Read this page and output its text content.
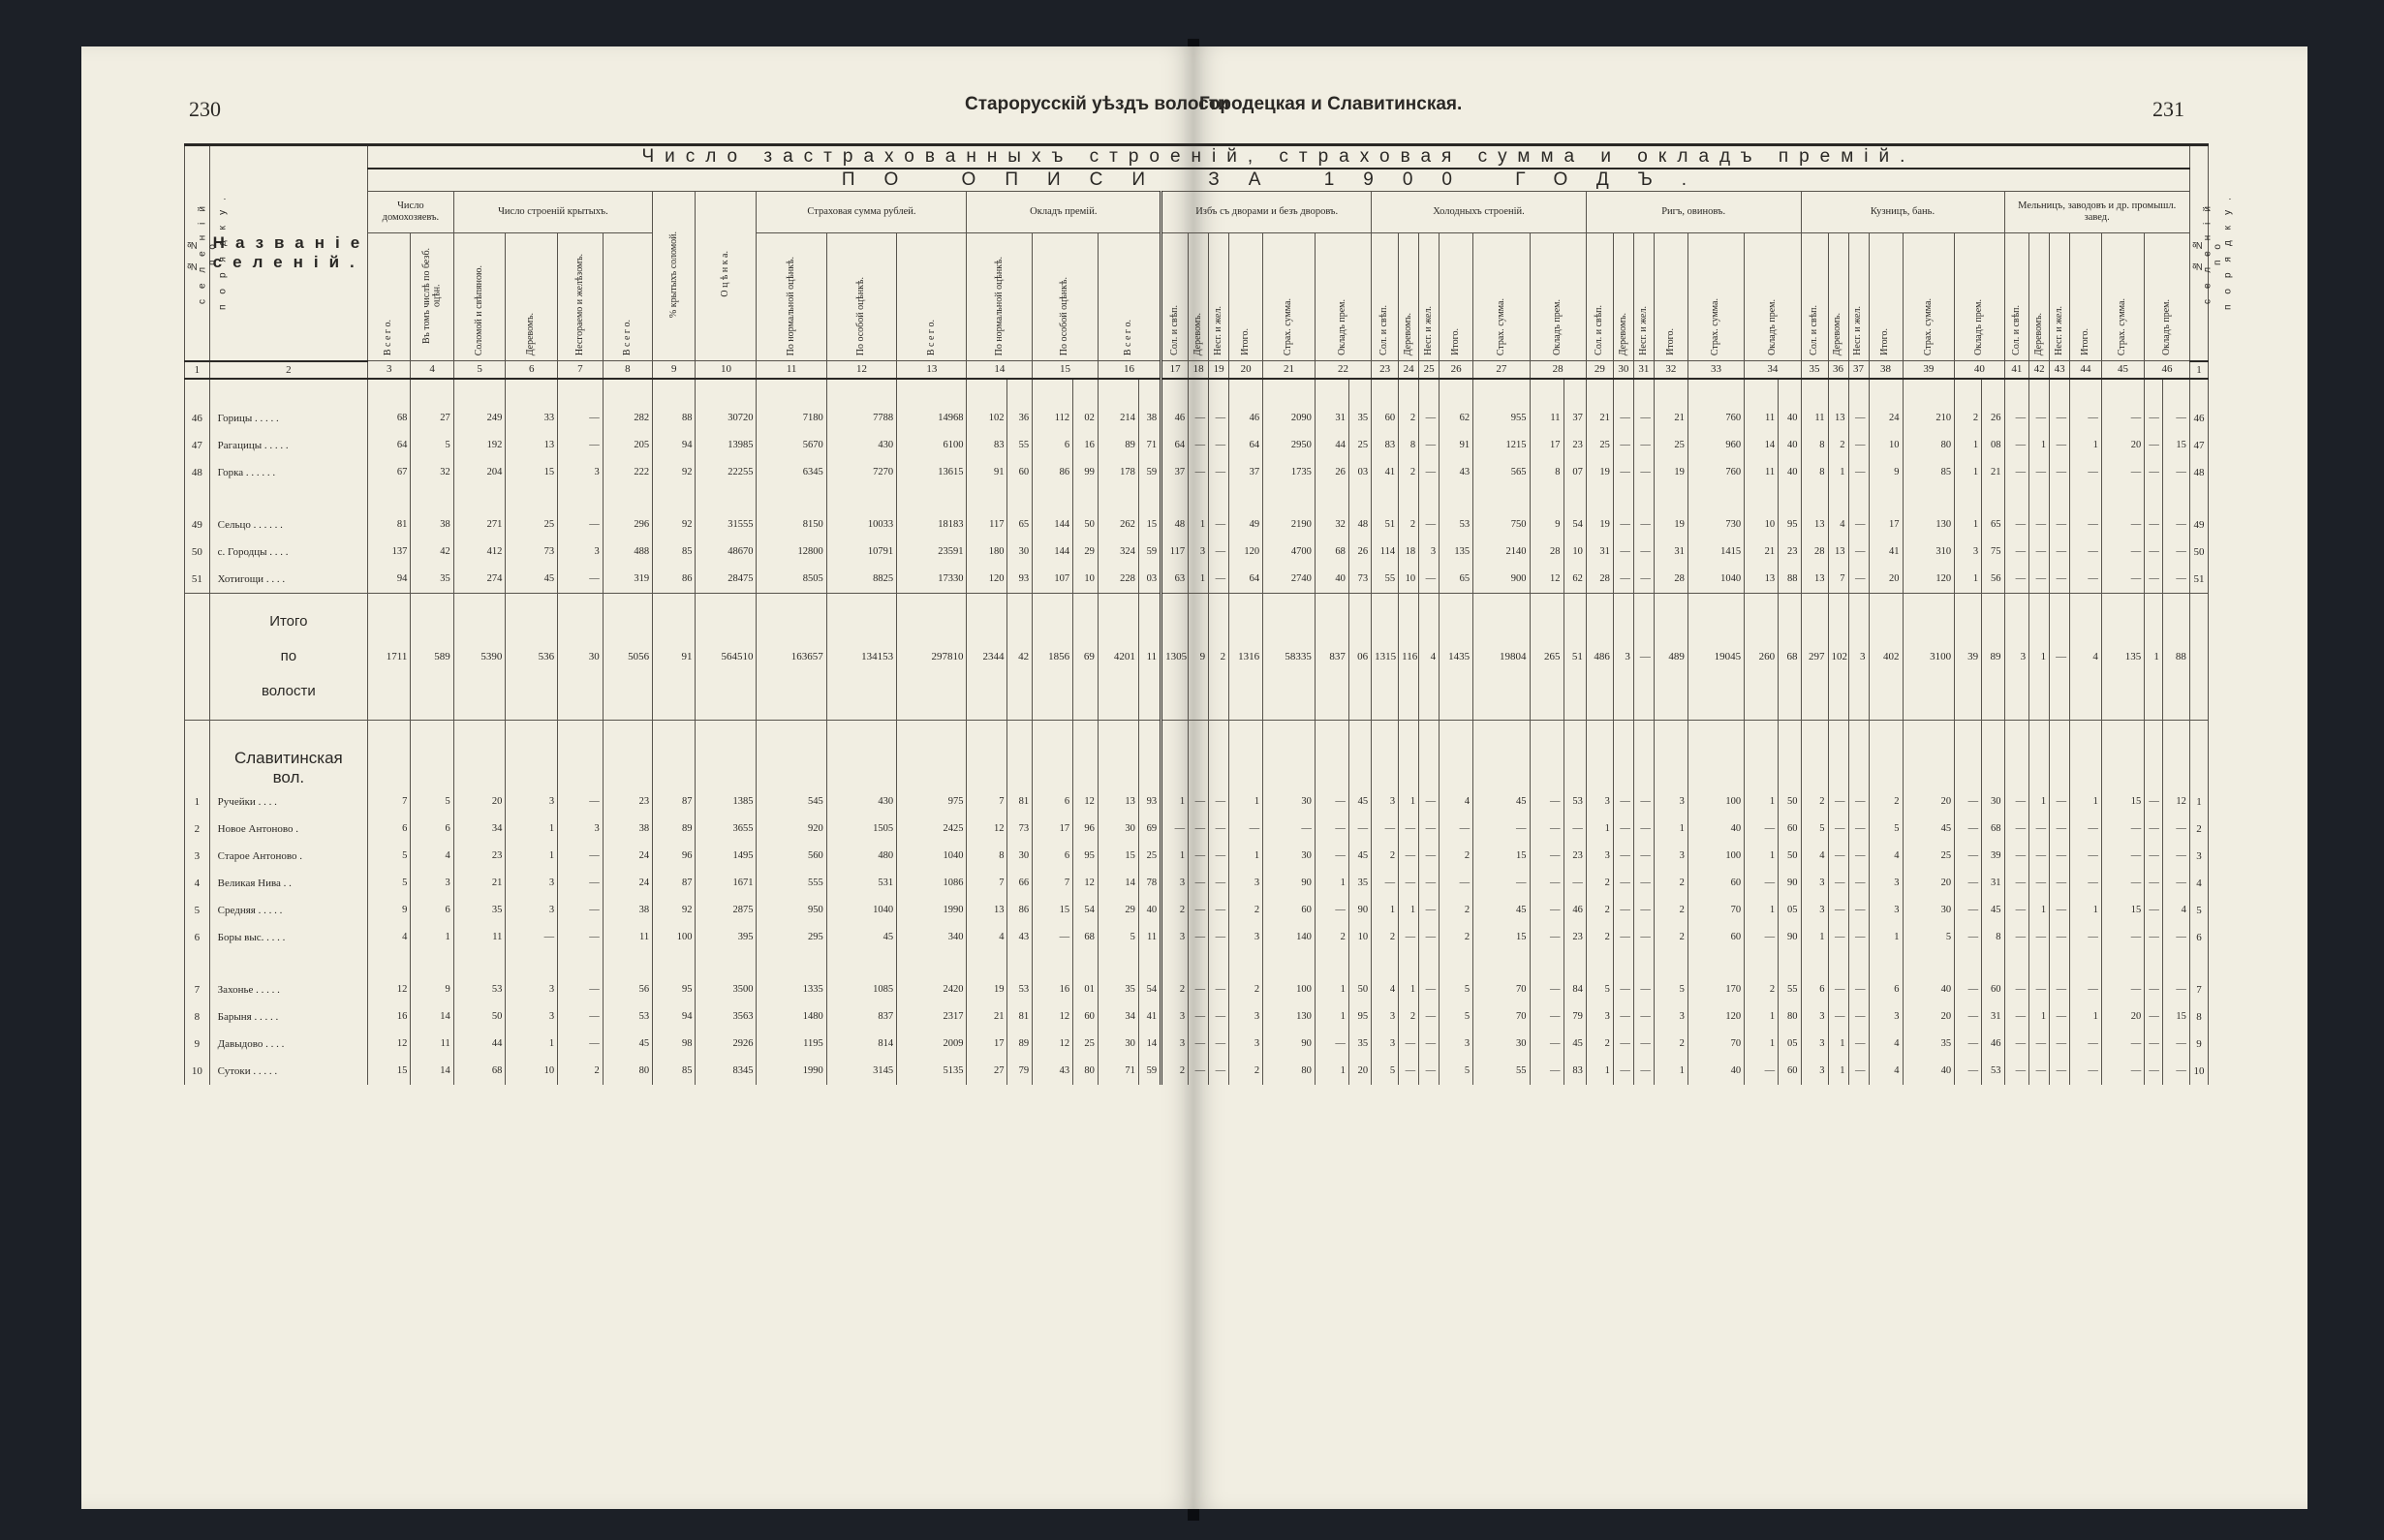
230	231
Старорусскій уѣздъ волости
Городецкая и Славитинская.
№№ селеній по порядку.	Названіе селеній.	Число застрахованныхъ строеній, страховая сумма и окладъ премій.																																																				№№ селеній по порядку.
		ПО ОПИСИ ЗА 1900 ГОДЪ.																																																				
		Число домохозяевъ.		Число строеній крытыхъ.				% крытыхъ соломой.	О ц ѣ н к а.	Страховая сумма рублей.			Окладъ премій.						Избъ съ дворами и безъ дворовъ.							Холодныхъ строеній.							Ригъ, овиновъ.							Кузницъ, бань.							Мельницъ, заводовъ и др. промышл. завед.							
		В с е г о.	Въ томъ числѣ по безб. оцѣн.	Соломой и свѣпяною.	Деревомъ.	Несгораемо и желѣзомъ.	В с е г о.			По нормальной оцѣнкѣ.	По особой оцѣнкѣ.	В с е г о.	По нормальной оцѣнкѣ.		По особой оцѣнкѣ.		В с е г о.		Сол. и свѣп.	Деревомъ.	Несг. и жел.	Итого.	Страх. сумма.	Окладъ прем.		Сол. и свѣп.	Деревомъ.	Несг. и жел.	Итого.	Страх. сумма.	Окладъ прем.		Сол. и свѣп.	Деревомъ.	Несг. и жел.	Итого.	Страх. сумма.	Окладъ прем.		Сол. и свѣп.	Деревомъ.	Несг. и жел.	Итого.	Страх. сумма.	Окладъ прем.		Сол. и свѣп.	Деревомъ.	Несг. и жел.	Итого.	Страх. сумма.	Окладъ прем.		
1	2	3	4	5	6	7	8	9	10	11	12	13	14		15		16		17	18	19	20	21	22		23	24	25	26	27	28		29	30	31	32	33	34		35	36	37	38	39	40		41	42	43	44	45	46		1

46	Горицы . . . . .	68	27	249	33	—	282	88	30720	7180	7788	14968	102	36	112	02	214	38	46	—	—	46	2090	31	35	60	2	—	62	955	11	37	21	—	—	21	760	11	40	11	13	—	24	210	2	26	—	—	—	—	—	—	—	46
47	Рагацицы . . . . .	64	5	192	13	—	205	94	13985	5670	430	6100	83	55	6	16	89	71	64	—	—	64	2950	44	25	83	8	—	91	1215	17	23	25	—	—	25	960	14	40	8	2	—	10	80	1	08	—	1	—	1	20	—	15	47
48	Горка . . . . . .	67	32	204	15	3	222	92	22255	6345	7270	13615	91	60	86	99	178	59	37	—	—	37	1735	26	03	41	2	—	43	565	8	07	19	—	—	19	760	11	40	8	1	—	9	85	1	21	—	—	—	—	—	—	—	48

49	Сельцо . . . . . .	81	38	271	25	—	296	92	31555	8150	10033	18183	117	65	144	50	262	15	48	1	—	49	2190	32	48	51	2	—	53	750	9	54	19	—	—	19	730	10	95	13	4	—	17	130	1	65	—	—	—	—	—	—	—	49
50	с. Городцы . . . .	137	42	412	73	3	488	85	48670	12800	10791	23591	180	30	144	29	324	59	117	3	—	120	4700	68	26	114	18	3	135	2140	28	10	31	—	—	31	1415	21	23	28	13	—	41	310	3	75	—	—	—	—	—	—	—	50
51	Хотигощи . . . .	94	35	274	45	—	319	86	28475	8505	8825	17330	120	93	107	10	228	03	63	1	—	64	2740	40	73	55	10	—	65	900	12	62	28	—	—	28	1040	13	88	13	7	—	20	120	1	56	—	—	—	—	—	—	—	51

	Итого
по
волости	1711	589	5390	536	30	5056	91	564510	163657	134153	297810	2344	42	1856	69	4201	11	1305	9	2	1316	58335	837	06	1315	116	4	1435	19804	265	51	486	3	—	489	19045	260	68	297	102	3	402	3100	39	89	3	1	—	4	135	1	88	

	Славитинская
вол.																																																					

1	Ручейки . . . .	7	5	20	3	—	23	87	1385	545	430	975	7	81	6	12	13	93	1	—	—	1	30	—	45	3	1	—	4	45	—	53	3	—	—	3	100	1	50	2	—	—	2	20	—	30	—	1	—	1	15	—	12	1
2	Новое Антоново .	6	6	34	1	3	38	89	3655	920	1505	2425	12	73	17	96	30	69	—	—	—	—	—	—	—	—	—	—	—	—	—	—	1	—	—	1	40	—	60	5	—	—	5	45	—	68	—	—	—	—	—	—	—	2
3	Старое Антоново .	5	4	23	1	—	24	96	1495	560	480	1040	8	30	6	95	15	25	1	—	—	1	30	—	45	2	—	—	2	15	—	23	3	—	—	3	100	1	50	4	—	—	4	25	—	39	—	—	—	—	—	—	—	3
4	Великая Нива . .	5	3	21	3	—	24	87	1671	555	531	1086	7	66	7	12	14	78	3	—	—	3	90	1	35	—	—	—	—	—	—	—	2	—	—	2	60	—	90	3	—	—	3	20	—	31	—	—	—	—	—	—	—	4
5	Средняя . . . . .	9	6	35	3	—	38	92	2875	950	1040	1990	13	86	15	54	29	40	2	—	—	2	60	—	90	1	1	—	2	45	—	46	2	—	—	2	70	1	05	3	—	—	3	30	—	45	—	1	—	1	15	—	4	5
6	Боры выс. . . . .	4	1	11	—	—	11	100	395	295	45	340	4	43	—	68	5	11	3	—	—	3	140	2	10	2	—	—	2	15	—	23	2	—	—	2	60	—	90	1	—	—	1	5	—	8	—	—	—	—	—	—	—	6

7	Захонье . . . . .	12	9	53	3	—	56	95	3500	1335	1085	2420	19	53	16	01	35	54	2	—	—	2	100	1	50	4	1	—	5	70	—	84	5	—	—	5	170	2	55	6	—	—	6	40	—	60	—	—	—	—	—	—	—	7
8	Барыня . . . . .	16	14	50	3	—	53	94	3563	1480	837	2317	21	81	12	60	34	41	3	—	—	3	130	1	95	3	2	—	5	70	—	79	3	—	—	3	120	1	80	3	—	—	3	20	—	31	—	1	—	1	20	—	15	8
9	Давыдово . . . .	12	11	44	1	—	45	98	2926	1195	814	2009	17	89	12	25	30	14	3	—	—	3	90	—	35	3	—	—	3	30	—	45	2	—	—	2	70	1	05	3	1	—	4	35	—	46	—	—	—	—	—	—	—	9
10	Сутоки . . . . .	15	14	68	10	2	80	85	8345	1990	3145	5135	27	79	43	80	71	59	2	—	—	2	80	1	20	5	—	—	5	55	—	83	1	—	—	1	40	—	60	3	1	—	4	40	—	53	—	—	—	—	—	—	—	10
